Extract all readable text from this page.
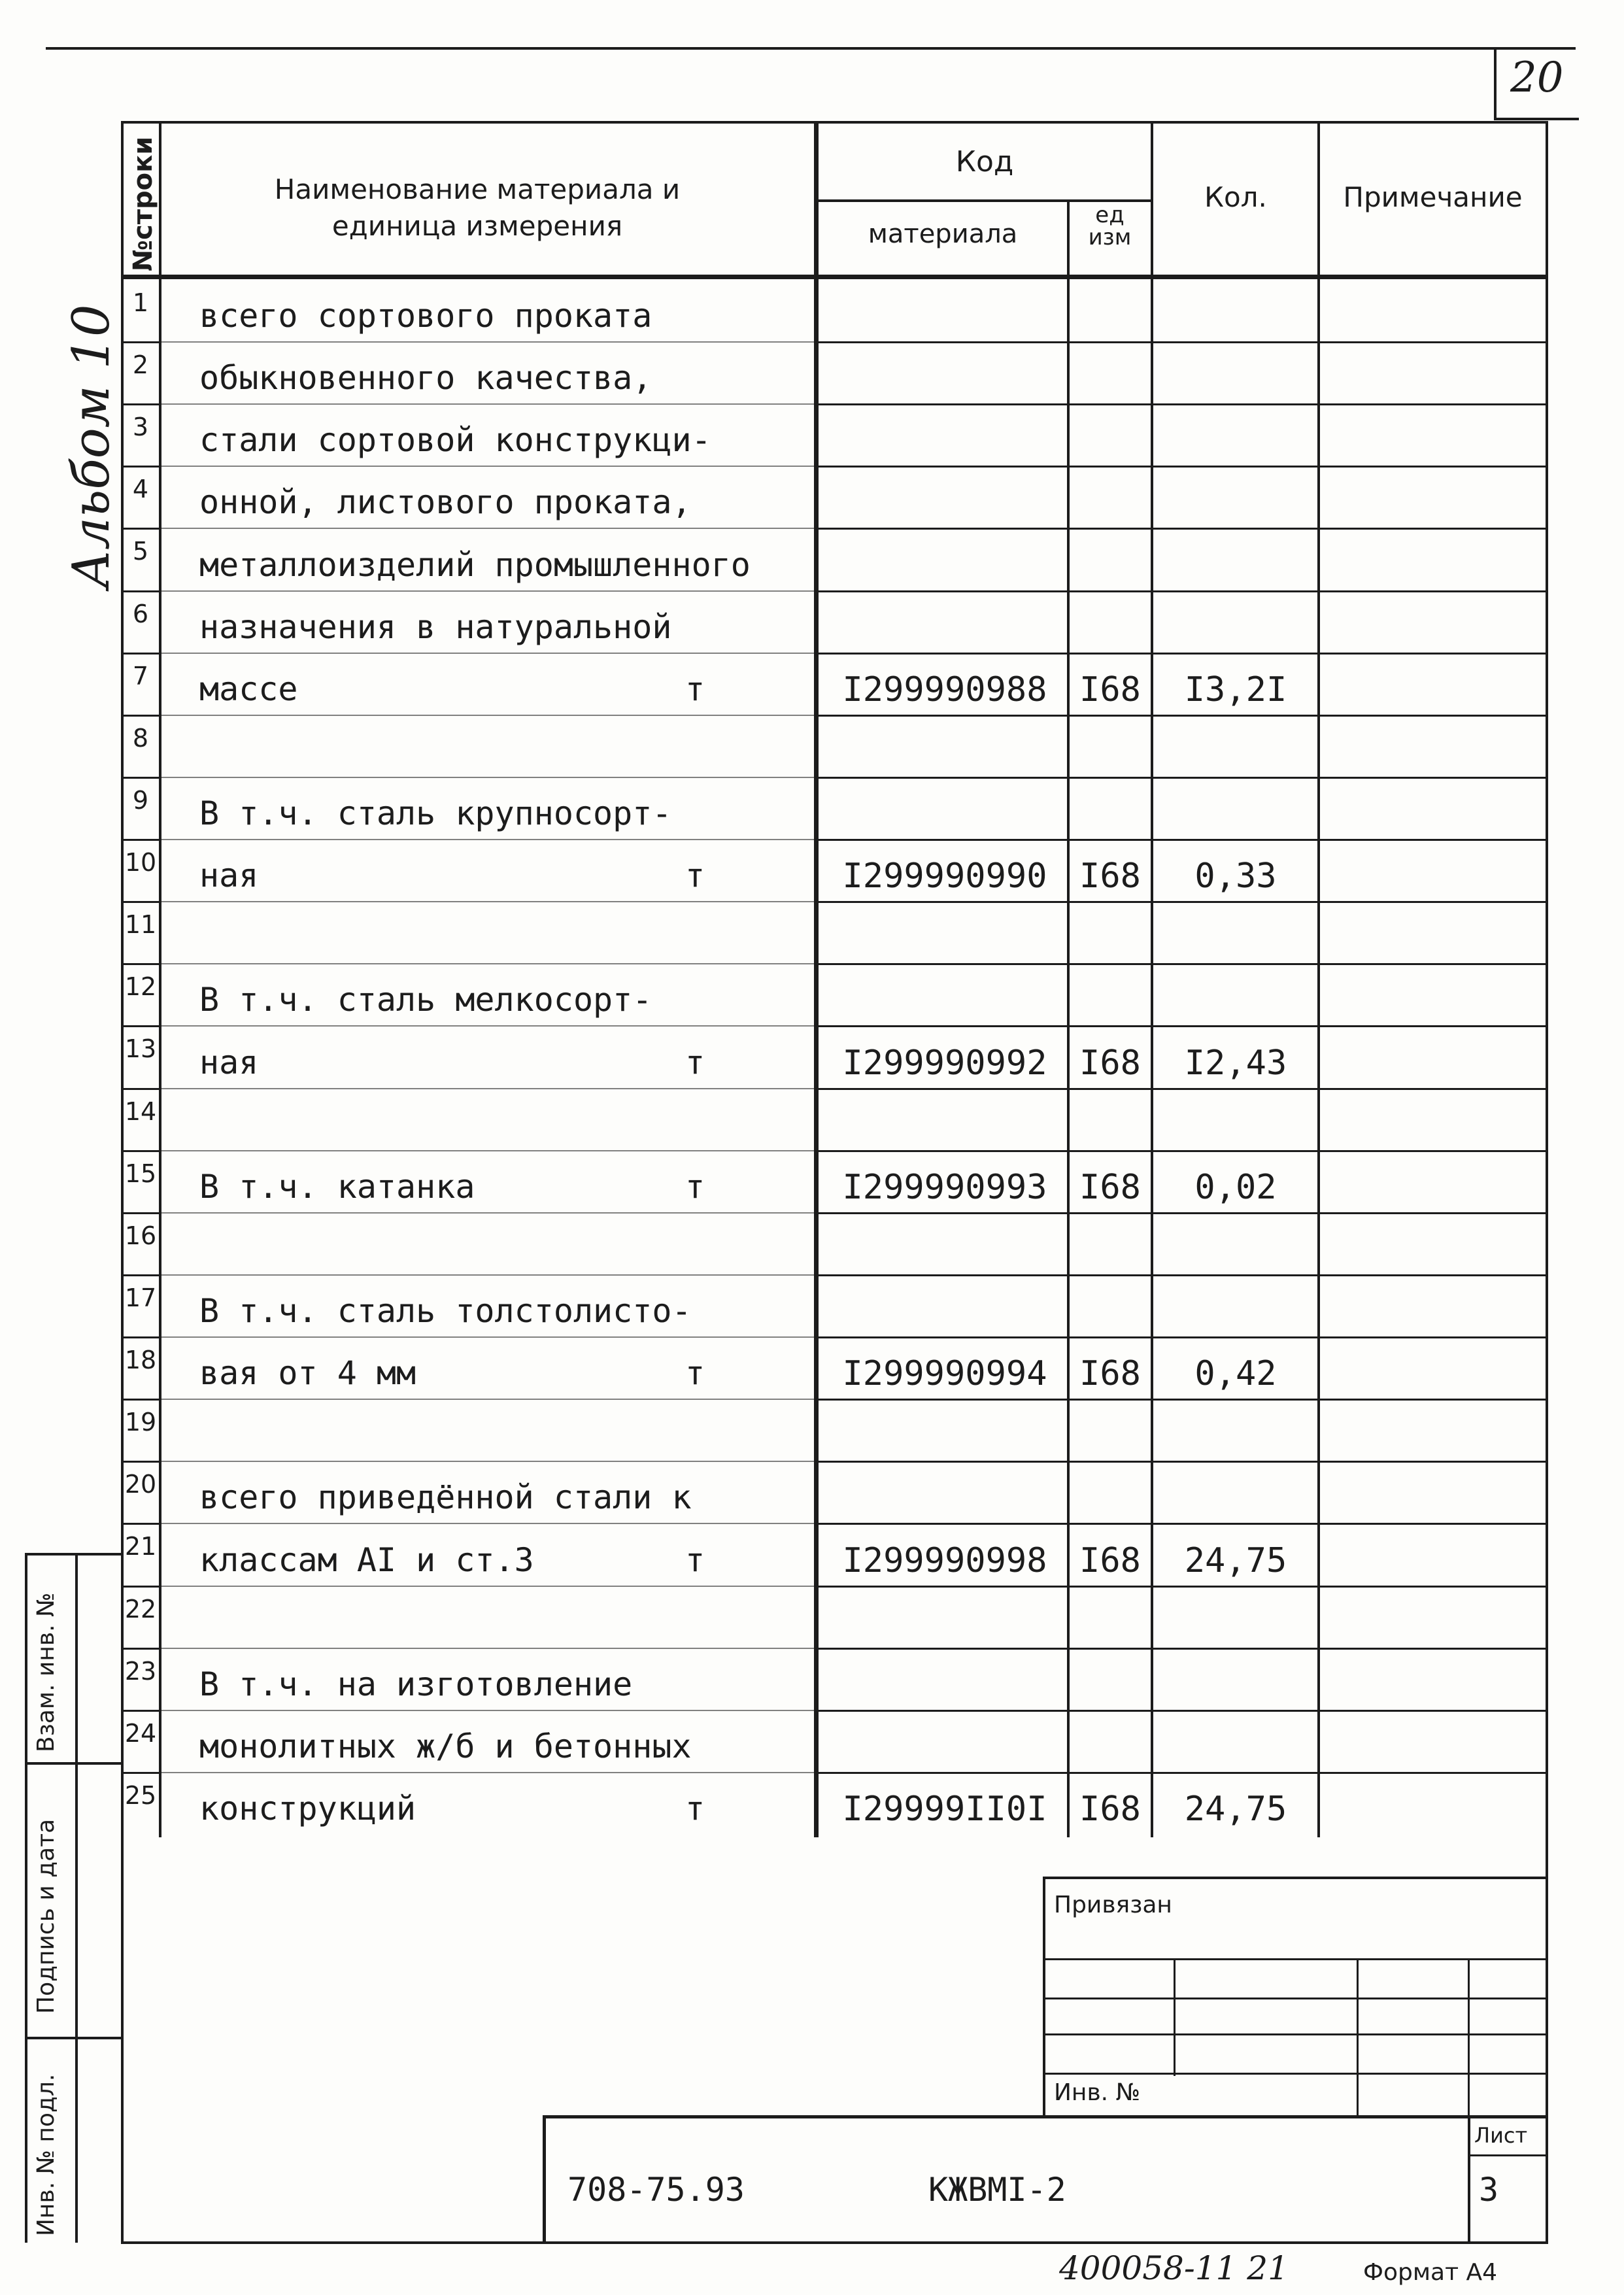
20
Альбом 10
№строки	Наименование материала и единица измерения
Код
материала
ед изм
Кол.	Примечание
1	всего сортового проката
2	обыкновенного качества,
3	стали сортовой конструкци-
4	онной, листового проката,
5	металлоизделий промышленного
6	назначения в натуральной
7	массе	т	I299990988 I68	I3,2I
8
9	В т.ч. сталь крупносорт-
10 ная	т	I299990990 I68	0,33
11
12 В т.ч. сталь мелкосорт-
13 ная	т	I299990992 I68	I2,43
14
15 В т.ч. катанка	т	I299990993 I68	0,02
16
17 В т.ч. сталь толстолисто-
18 вая от 4 мм	т	I299990994 I68	0,42
19
20 всего приведённой стали к
21 классам AI и ст.3	т	I299990998 I68	24,75
22
23 В т.ч. на изготовление
24 монолитных ж/б и бетонных
25 конструкций	т	I29999II0I I68	24,75
Взам. инв. №
Подпись и дата
Инв. № подл.
Привязан
Инв. №
708-75.93	КЖВМI-2
Лист
3
400058-11 21	Формат А4
